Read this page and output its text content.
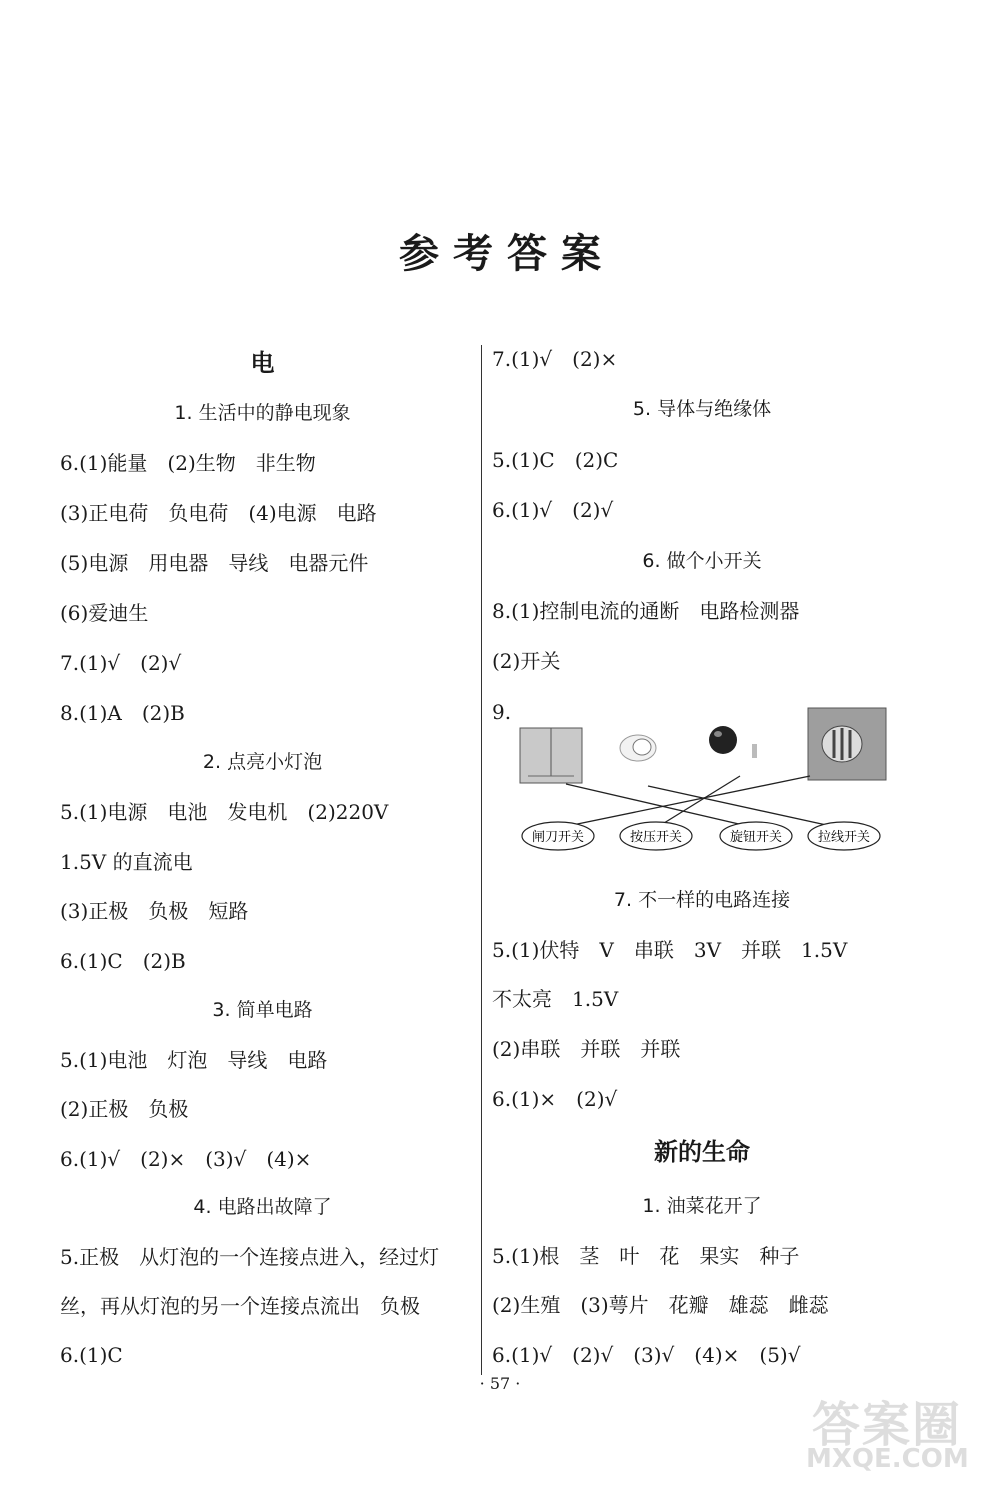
参考答案
电
1. 生活中的静电现象
6.(1)能量　(2)生物　非生物
(3)正电荷　负电荷　(4)电源　电路
(5)电源　用电器　导线　电器元件
(6)爱迪生
7.(1)√　(2)√
8.(1)A　(2)B
2. 点亮小灯泡
5.(1)电源　电池　发电机　(2)220V
1.5V 的直流电
(3)正极　负极　短路
6.(1)C　(2)B
3. 简单电路
5.(1)电池　灯泡　导线　电路
(2)正极　负极
6.(1)√　(2)×　(3)√　(4)×
4. 电路出故障了
5.正极　从灯泡的一个连接点进入，经过灯
丝，再从灯泡的另一个连接点流出　负极
6.(1)C
7.(1)√　(2)×
5. 导体与绝缘体
5.(1)C　(2)C
6.(1)√　(2)√
6. 做个小开关
8.(1)控制电流的通断　电路检测器
(2)开关
9.
7. 不一样的电路连接
5.(1)伏特　V　串联　3V　并联　1.5V
不太亮　1.5V
(2)串联　并联　并联
6.(1)×　(2)√
新的生命
1. 油菜花开了
5.(1)根　茎　叶　花　果实　种子
(2)生殖　(3)萼片　花瓣　雄蕊　雌蕊
6.(1)√　(2)√　(3)√　(4)×　(5)√
闸刀开关	按压开关	旋钮开关	拉线开关
· 57 ·
答案圈
MXQE.COM
